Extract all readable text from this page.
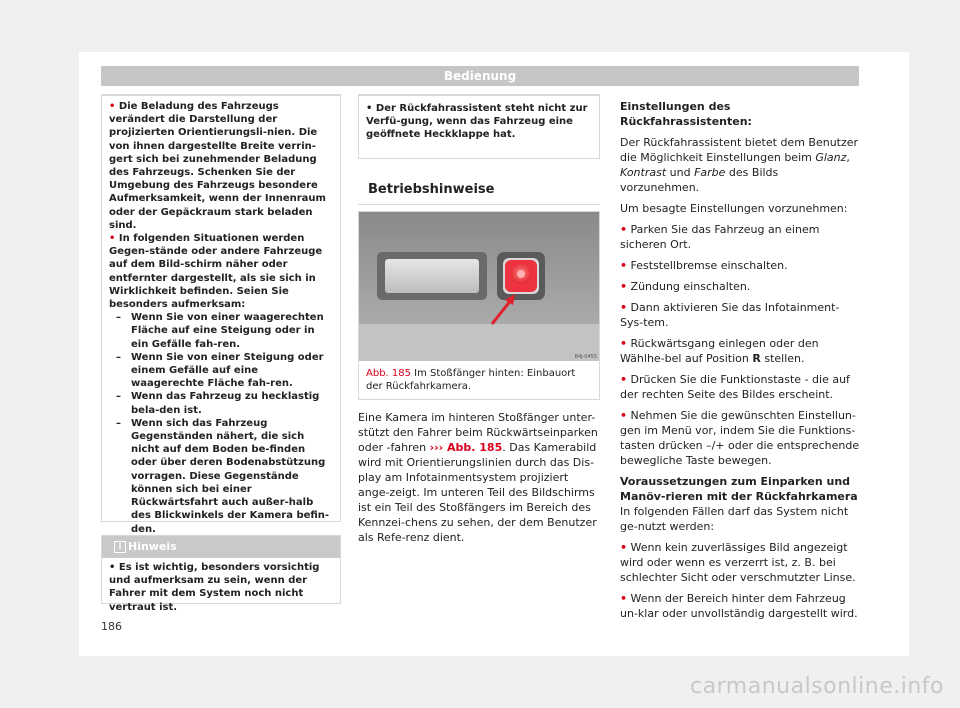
Bedienung

• Die Beladung des Fahrzeugs verändert die Darstellung der projizierten Orientierungsli-nien. Die von ihnen dargestellte Breite verrin-gert sich bei zunehmender Beladung des Fahrzeugs. Schenken Sie der Umgebung des Fahrzeugs besondere Aufmerksamkeit, wenn der Innenraum oder der Gepäckraum stark beladen sind.

• In folgenden Situationen werden Gegen-stände oder andere Fahrzeuge auf dem Bild-schirm näher oder entfernter dargestellt, als sie sich in Wirklichkeit befinden. Seien Sie besonders aufmerksam:

– Wenn Sie von einer waagerechten Fläche auf eine Steigung oder in ein Gefälle fah-ren.

– Wenn Sie von einer Steigung oder einem Gefälle auf eine waagerechte Fläche fah-ren.

– Wenn das Fahrzeug zu hecklastig bela-den ist.

– Wenn sich das Fahrzeug Gegenständen nähert, die sich nicht auf dem Boden be-finden oder über deren Bodenabstützung vorragen. Diese Gegenstände können sich bei einer Rückwärtsfahrt auch außer-halb des Blickwinkels der Kamera befin-den.

i Hinweis

• Es ist wichtig, besonders vorsichtig und aufmerksam zu sein, wenn der Fahrer mit dem System noch nicht vertraut ist.

• Der Rückfahrassistent steht nicht zur Verfü-gung, wenn das Fahrzeug eine geöffnete Heckklappe hat.

Betriebshinweise
B4J-0455
Abb. 185 Im Stoßfänger hinten: Einbauort der Rückfahrkamera.

Eine Kamera im hinteren Stoßfänger unter-stützt den Fahrer beim Rückwärtseinparken oder -fahren ››› Abb. 185. Das Kamerabild wird mit Orientierungslinien durch das Dis-play am Infotainmentsystem projiziert ange-zeigt. Im unteren Teil des Bildschirms ist ein Teil des Stoßfängers im Bereich des Kennzei-chens zu sehen, der dem Benutzer als Refe-renz dient.

Einstellungen des Rückfahrassistenten:

Der Rückfahrassistent bietet dem Benutzer die Möglichkeit Einstellungen beim Glanz, Kontrast und Farbe des Bilds vorzunehmen.

Um besagte Einstellungen vorzunehmen:

• Parken Sie das Fahrzeug an einem sicheren Ort.

• Feststellbremse einschalten.

• Zündung einschalten.

• Dann aktivieren Sie das Infotainment-Sys-tem.

• Rückwärtsgang einlegen oder den Wählhe-bel auf Position R stellen.

• Drücken Sie die Funktionstaste - die auf der rechten Seite des Bildes erscheint.

• Nehmen Sie die gewünschten Einstellun-gen im Menü vor, indem Sie die Funktions-tasten drücken –/+ oder die entsprechende bewegliche Taste bewegen.

Voraussetzungen zum Einparken und Manöv-rieren mit der Rückfahrkamera

In folgenden Fällen darf das System nicht ge-nutzt werden:

• Wenn kein zuverlässiges Bild angezeigt wird oder wenn es verzerrt ist, z. B. bei schlechter Sicht oder verschmutzter Linse.

• Wenn der Bereich hinter dem Fahrzeug un-klar oder unvollständig dargestellt wird.

186
carmanualsonline.info
